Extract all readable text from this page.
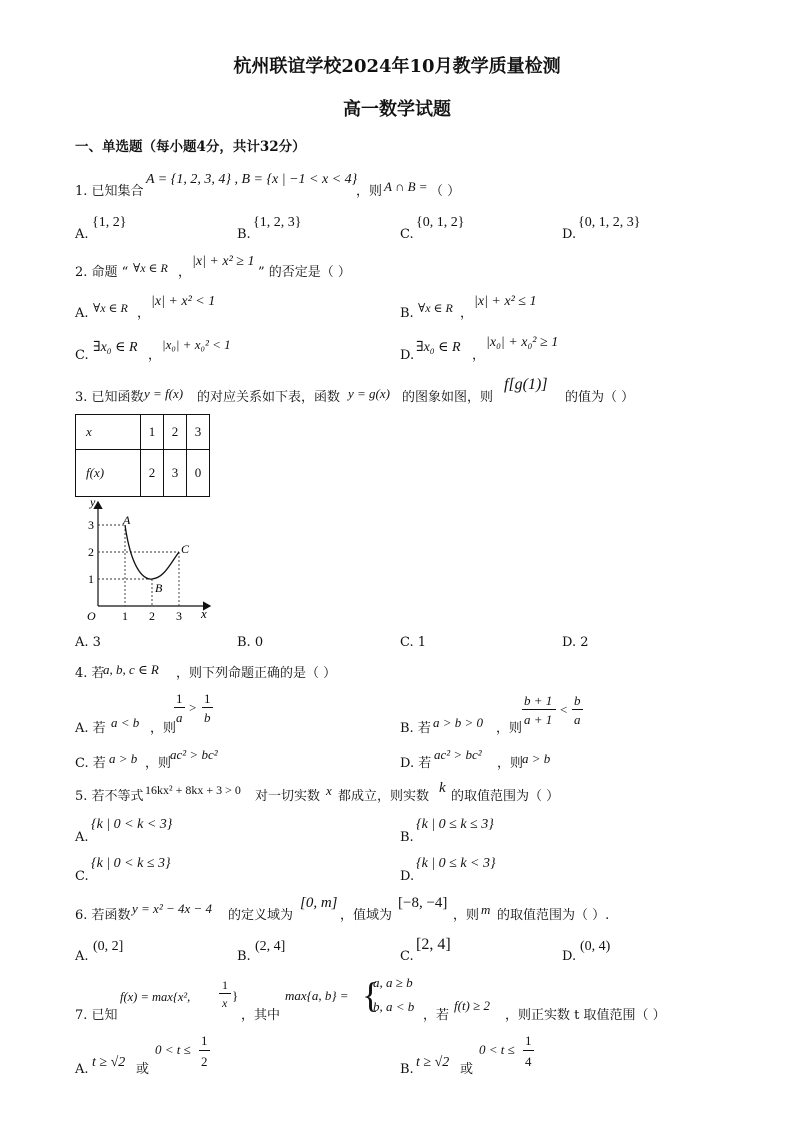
杭州联谊学校2024年10月教学质量检测
高一数学试题
一、单选题（每小题4分，共计32分）
1. 已知集合
A = {1, 2, 3, 4} , B = {x | −1 < x < 4}
，则 A ∩ B = （ ）
A.
{1, 2}
B.
{1, 2, 3}
C.
{0, 1, 2}
D.
{0, 1, 2, 3}
2. 命题 “ ∀x ∈ R ，
|x| + x² ≥ 1
” 的否定是（ ）
A. ∀x ∈ R ，
|x| + x² < 1
B. ∀x ∈ R ，
|x| + x² ≤ 1
C.
∃x₀ ∈ R
，
|x₀| + x₀² < 1
D.
∃x₀ ∈ R
，
|x₀| + x₀² ≥ 1
3. 已知函数 y = f(x) 的对应关系如下表，函数 y = g(x) 的图象如图，则
f[g(1)]
的值为（ ）
x	1	2	3
f(x)	2	3	0
y
x
O 1 2 3
1
2
3 A
B
C
A. 3	B. 0	C. 1	D. 2
4. 若
a, b, c ∈ R ，则下列命题正确的是（ ）
A. 若 a < b ，则
1
a
>
1
b
B. 若 a > b > 0 ，则
b + 1
a + 1
<
b
a
C. 若 a > b ，则
ac² > bc²
D. 若
ac² > bc²
，则
a > b
5. 若不等式 16kx² + 8kx + 3 > 0 对一切实数 x 都成立，则实数
k
的取值范围为（ ）
A.
{k | 0 < k < 3}
B.
{k | 0 ≤ k ≤ 3}
C.
{k | 0 < k ≤ 3}
D.
{k | 0 ≤ k < 3}
6. 若函数 y = x² − 4x − 4 的定义域为
[0, m]
，值域为
[−8, −4]
，则 m 的取值范围为（ ）.
A.
(0, 2]
B.
(2, 4]
C.
[2, 4]
D.
(0, 4)
7. 已知
f(x) = max{x²,
1
x }
，其中
max{a, b} = {
a, a ≥ b
b, a < b
，若
f(t) ≥ 2
，则正实数 t 取值范围（ ）
A. t ≥ √2 或
0 < t ≤
1
2
B. t ≥ √2 或
0 < t ≤
1
4
